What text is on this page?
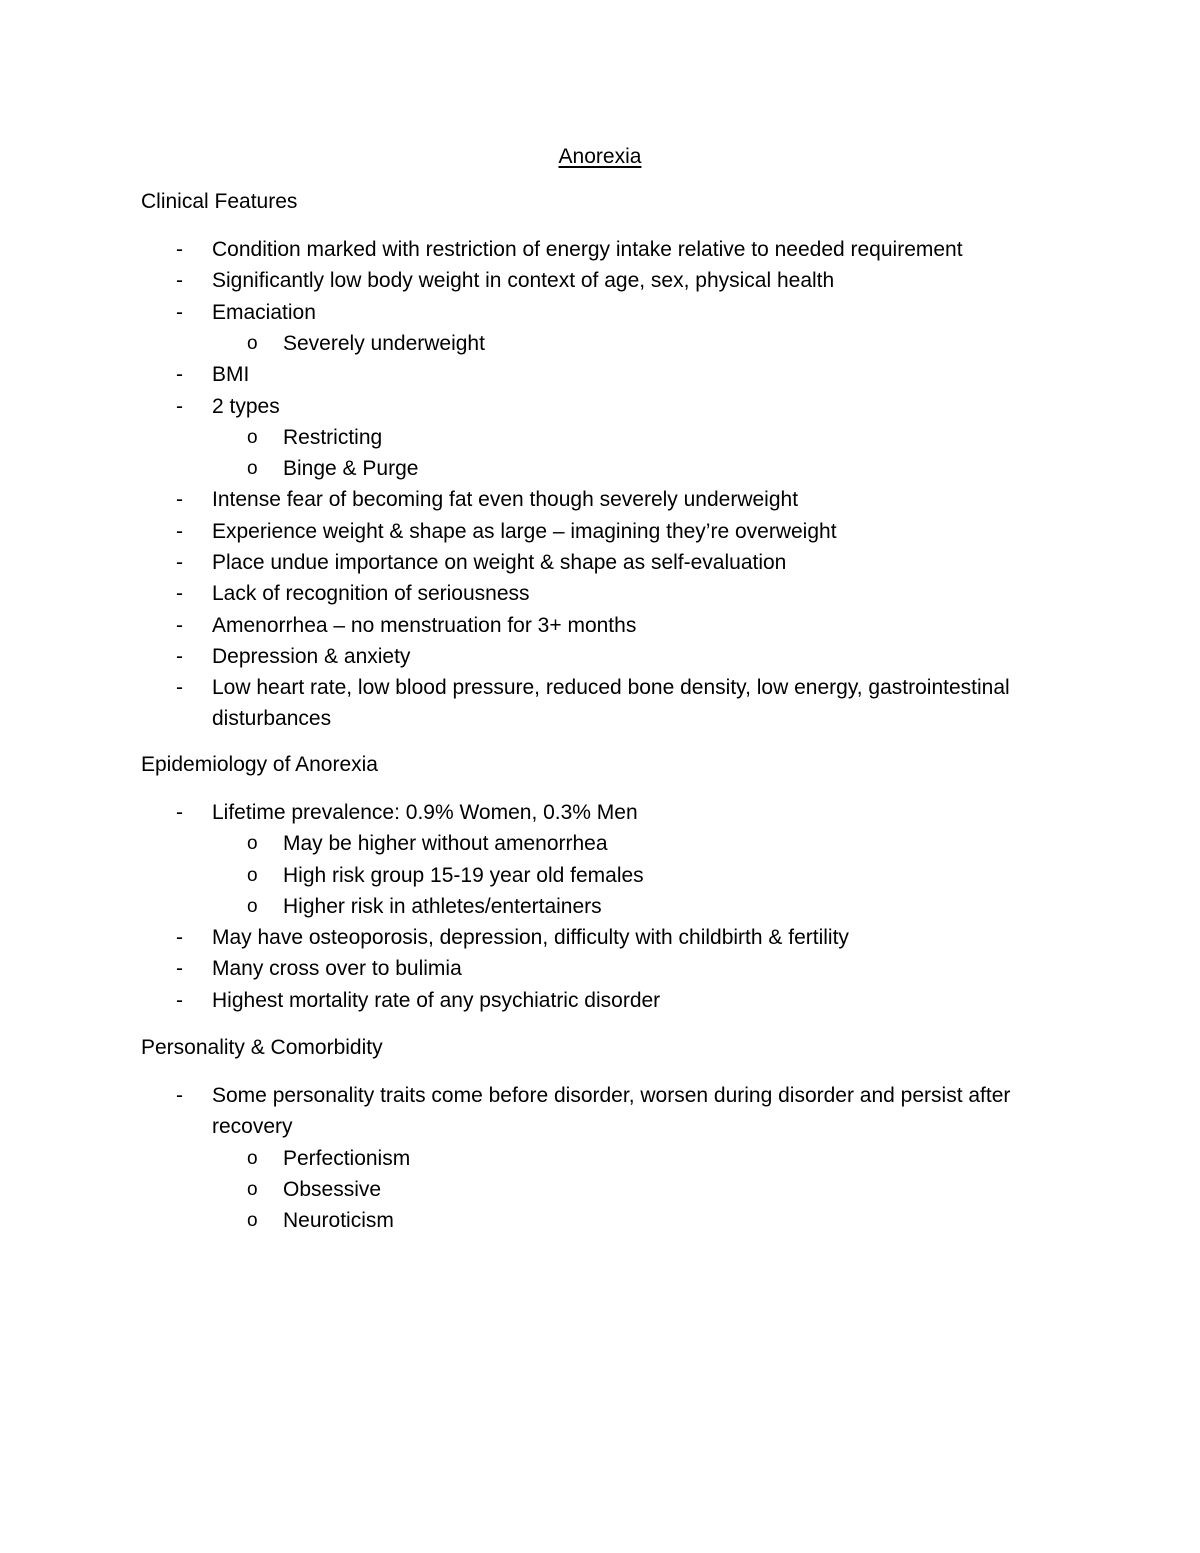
Anorexia
Clinical Features
- Condition marked with restriction of energy intake relative to needed requirement
- Significantly low body weight in context of age, sex, physical health
- Emaciation
o Severely underweight
- BMI
- 2 types
o Restricting
o Binge & Purge
- Intense fear of becoming fat even though severely underweight
- Experience weight & shape as large – imagining they’re overweight
- Place undue importance on weight & shape as self-evaluation
- Lack of recognition of seriousness
- Amenorrhea – no menstruation for 3+ months
- Depression & anxiety
- Low heart rate, low blood pressure, reduced bone density, low energy, gastrointestinal
disturbances
Epidemiology of Anorexia
- Lifetime prevalence: 0.9% Women, 0.3% Men
o May be higher without amenorrhea
o High risk group 15-19 year old females
o Higher risk in athletes/entertainers
- May have osteoporosis, depression, difficulty with childbirth & fertility
- Many cross over to bulimia
- Highest mortality rate of any psychiatric disorder
Personality & Comorbidity
- Some personality traits come before disorder, worsen during disorder and persist after
recovery
o Perfectionism
o Obsessive
o Neuroticism
